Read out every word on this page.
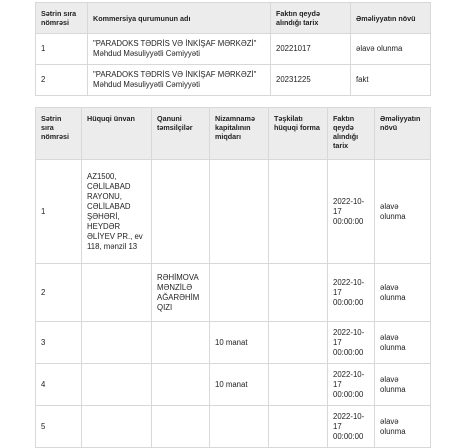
Sətrin sıra nömrəsi	Kommersiya qurumunun adı	Faktın qeydə alındığı tarix	Əməliyyatın növü
1	"PARADOKS TƏDRİS VƏ İNKİŞAF MƏRKƏZİ" Məhdud Məsuliyyətli Cəmiyyəti	20221017	əlavə olunma
2	"PARADOKS TƏDRİS VƏ İNKİŞAF MƏRKƏZİ" Məhdud Məsuliyyətli Cəmiyyəti	20231225	fakt
Sətrin sıra nömrəsi	Hüquqi ünvan	Qanuni təmsilçilər	Nizamnamə kapitalının miqdarı	Təşkilatı hüquqi forma	Faktın qeydə alındığı tarix	Əməliyyatın növü
1	AZ1500, CƏLİLABAD RAYONU, CƏLİLABAD ŞƏHƏRİ, HEYDƏR ƏLİYEV PR., ev 118, mənzil 13				2022-10-17 00:00:00	əlavə olunma
2		RƏHİMOVA MƏNZİLƏ AĞARƏHİM QIZI			2022-10-17 00:00:00	əlavə olunma
3			10 manat		2022-10-17 00:00:00	əlavə olunma
4			10 manat		2022-10-17 00:00:00	əlavə olunma
5					2022-10-17 00:00:00	əlavə olunma
